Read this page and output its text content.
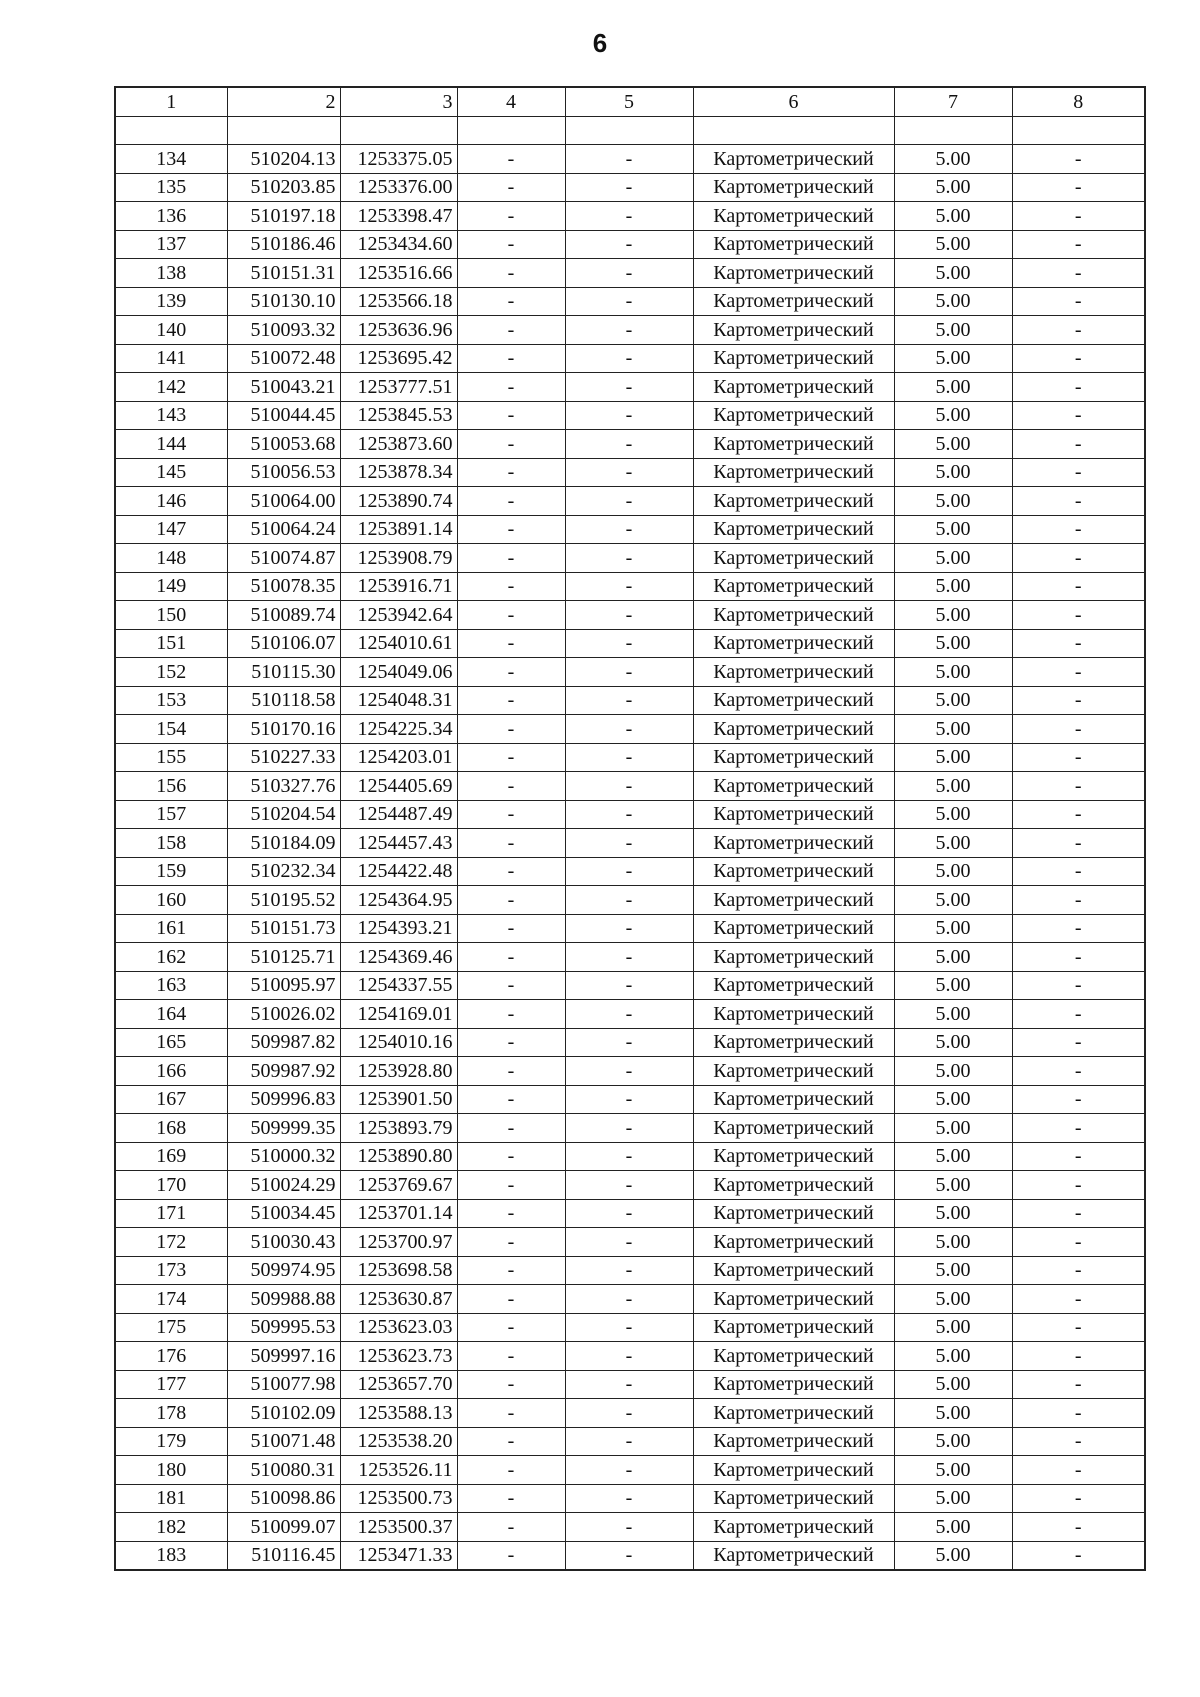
6
1	2	3	4	5	6	7	8

134	510204.13	1253375.05	-	-	Картометрический	5.00	-
135	510203.85	1253376.00	-	-	Картометрический	5.00	-
136	510197.18	1253398.47	-	-	Картометрический	5.00	-
137	510186.46	1253434.60	-	-	Картометрический	5.00	-
138	510151.31	1253516.66	-	-	Картометрический	5.00	-
139	510130.10	1253566.18	-	-	Картометрический	5.00	-
140	510093.32	1253636.96	-	-	Картометрический	5.00	-
141	510072.48	1253695.42	-	-	Картометрический	5.00	-
142	510043.21	1253777.51	-	-	Картометрический	5.00	-
143	510044.45	1253845.53	-	-	Картометрический	5.00	-
144	510053.68	1253873.60	-	-	Картометрический	5.00	-
145	510056.53	1253878.34	-	-	Картометрический	5.00	-
146	510064.00	1253890.74	-	-	Картометрический	5.00	-
147	510064.24	1253891.14	-	-	Картометрический	5.00	-
148	510074.87	1253908.79	-	-	Картометрический	5.00	-
149	510078.35	1253916.71	-	-	Картометрический	5.00	-
150	510089.74	1253942.64	-	-	Картометрический	5.00	-
151	510106.07	1254010.61	-	-	Картометрический	5.00	-
152	510115.30	1254049.06	-	-	Картометрический	5.00	-
153	510118.58	1254048.31	-	-	Картометрический	5.00	-
154	510170.16	1254225.34	-	-	Картометрический	5.00	-
155	510227.33	1254203.01	-	-	Картометрический	5.00	-
156	510327.76	1254405.69	-	-	Картометрический	5.00	-
157	510204.54	1254487.49	-	-	Картометрический	5.00	-
158	510184.09	1254457.43	-	-	Картометрический	5.00	-
159	510232.34	1254422.48	-	-	Картометрический	5.00	-
160	510195.52	1254364.95	-	-	Картометрический	5.00	-
161	510151.73	1254393.21	-	-	Картометрический	5.00	-
162	510125.71	1254369.46	-	-	Картометрический	5.00	-
163	510095.97	1254337.55	-	-	Картометрический	5.00	-
164	510026.02	1254169.01	-	-	Картометрический	5.00	-
165	509987.82	1254010.16	-	-	Картометрический	5.00	-
166	509987.92	1253928.80	-	-	Картометрический	5.00	-
167	509996.83	1253901.50	-	-	Картометрический	5.00	-
168	509999.35	1253893.79	-	-	Картометрический	5.00	-
169	510000.32	1253890.80	-	-	Картометрический	5.00	-
170	510024.29	1253769.67	-	-	Картометрический	5.00	-
171	510034.45	1253701.14	-	-	Картометрический	5.00	-
172	510030.43	1253700.97	-	-	Картометрический	5.00	-
173	509974.95	1253698.58	-	-	Картометрический	5.00	-
174	509988.88	1253630.87	-	-	Картометрический	5.00	-
175	509995.53	1253623.03	-	-	Картометрический	5.00	-
176	509997.16	1253623.73	-	-	Картометрический	5.00	-
177	510077.98	1253657.70	-	-	Картометрический	5.00	-
178	510102.09	1253588.13	-	-	Картометрический	5.00	-
179	510071.48	1253538.20	-	-	Картометрический	5.00	-
180	510080.31	1253526.11	-	-	Картометрический	5.00	-
181	510098.86	1253500.73	-	-	Картометрический	5.00	-
182	510099.07	1253500.37	-	-	Картометрический	5.00	-
183	510116.45	1253471.33	-	-	Картометрический	5.00	-
